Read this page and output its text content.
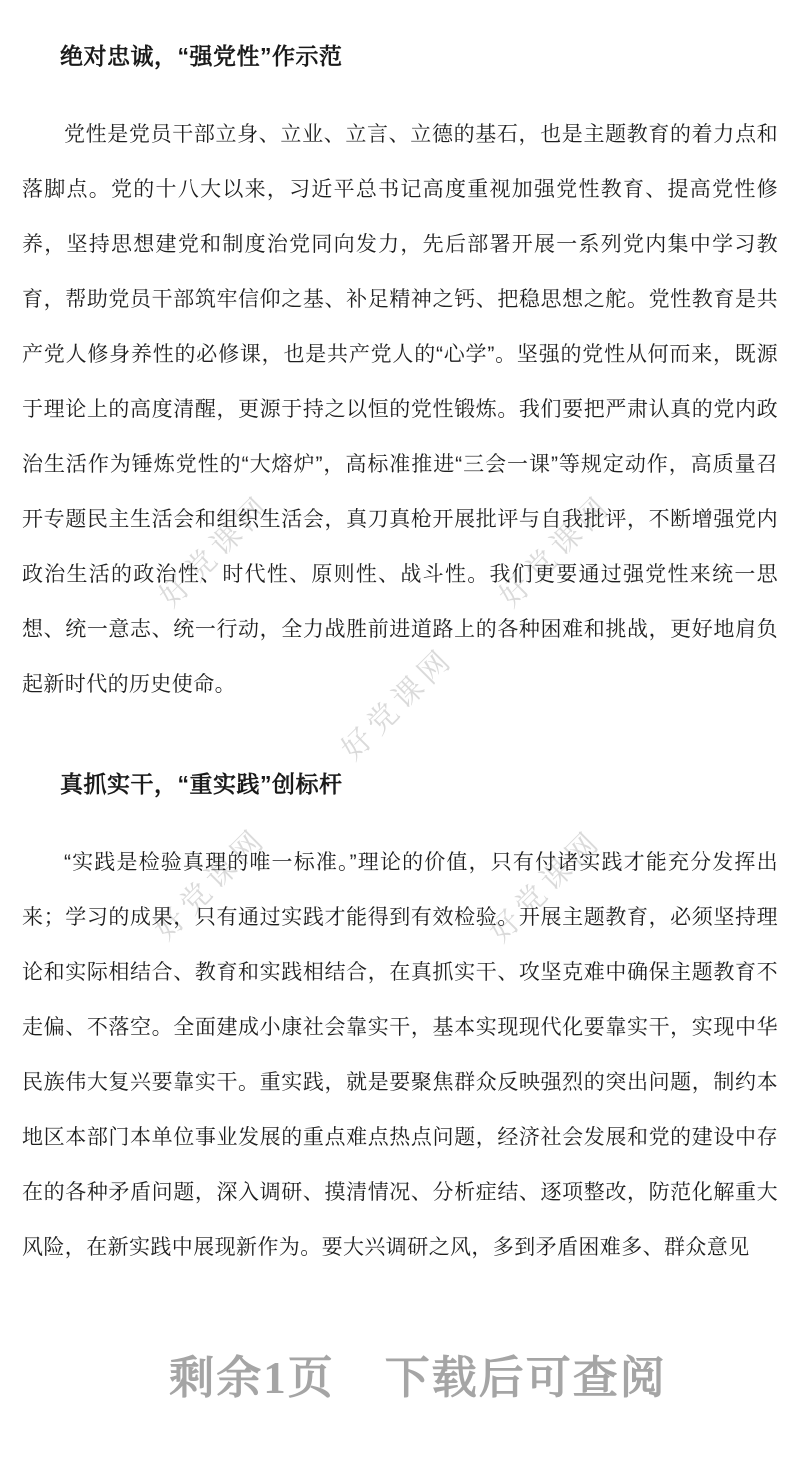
好党课网	好党课网
好党课网
好党课网	好党课网
绝对忠诚，“强党性”作示范

党性是党员干部立身、立业、立言、立德的基石，也是主题教育的着力点和落脚点。党的十八大以来，习近平总书记高度重视加强党性教育、提高党性修养，坚持思想建党和制度治党同向发力，先后部署开展一系列党内集中学习教育，帮助党员干部筑牢信仰之基、补足精神之钙、把稳思想之舵。党性教育是共产党人修身养性的必修课，也是共产党人的“心学”。坚强的党性从何而来，既源于理论上的高度清醒，更源于持之以恒的党性锻炼。我们要把严肃认真的党内政治生活作为锤炼党性的“大熔炉”，高标准推进“三会一课”等规定动作，高质量召开专题民主生活会和组织生活会，真刀真枪开展批评与自我批评，不断增强党内政治生活的政治性、时代性、原则性、战斗性。我们更要通过强党性来统一思想、统一意志、统一行动，全力战胜前进道路上的各种困难和挑战，更好地肩负起新时代的历史使命。

真抓实干，“重实践”创标杆

“实践是检验真理的唯一标准。”理论的价值，只有付诸实践才能充分发挥出来；学习的成果，只有通过实践才能得到有效检验。开展主题教育，必须坚持理论和实际相结合、教育和实践相结合，在真抓实干、攻坚克难中确保主题教育不走偏、不落空。全面建成小康社会靠实干，基本实现现代化要靠实干，实现中华民族伟大复兴要靠实干。重实践，就是要聚焦群众反映强烈的突出问题，制约本地区本部门本单位事业发展的重点难点热点问题，经济社会发展和党的建设中存在的各种矛盾问题，深入调研、摸清情况、分析症结、逐项整改，防范化解重大风险，在新实践中展现新作为。要大兴调研之风，多到矛盾困难多、群众意见

剩余1页 下载后可查阅
